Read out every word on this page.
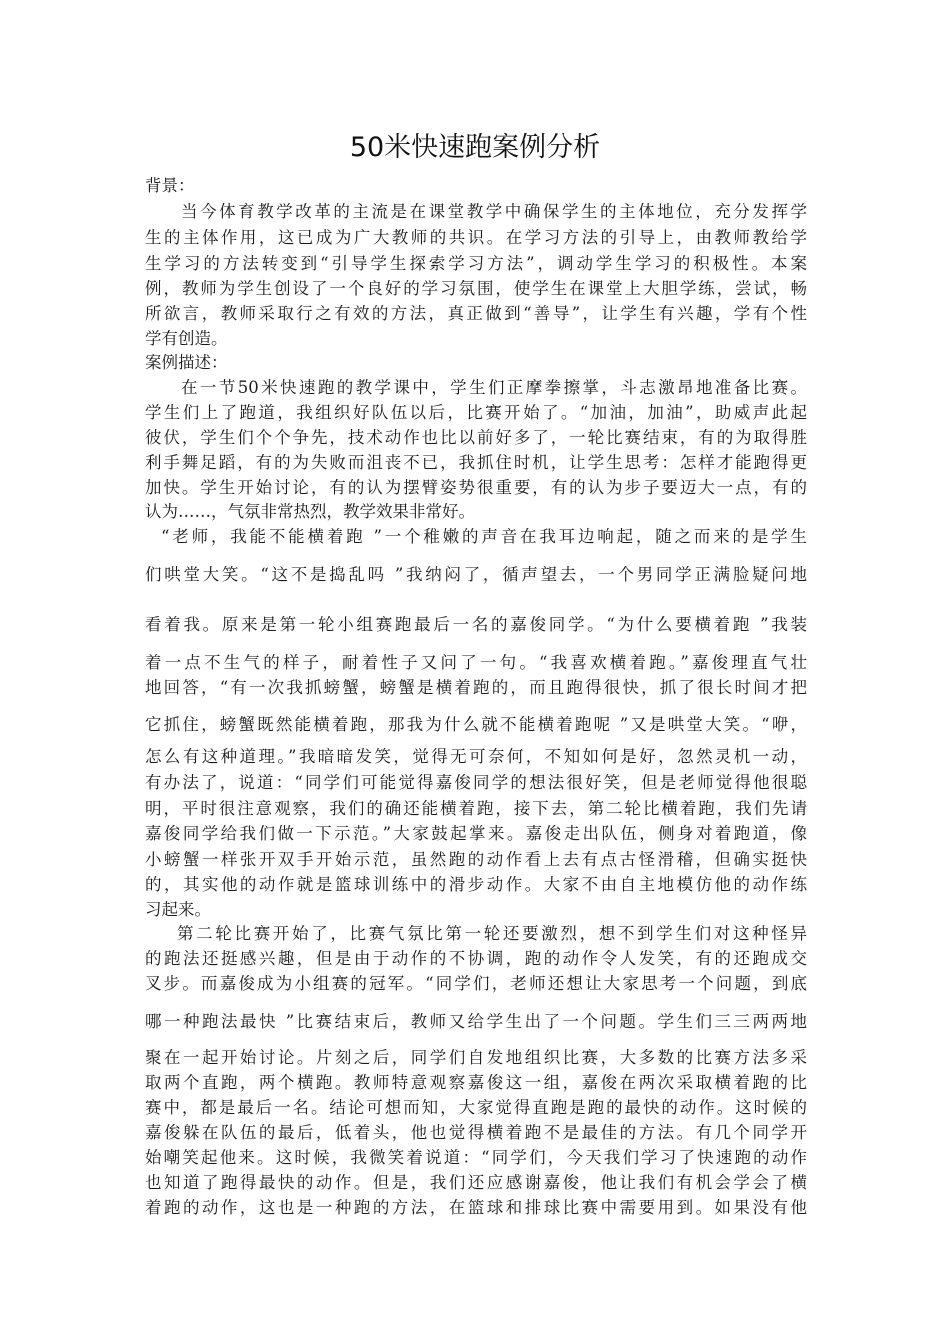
50米快速跑案例分析
背景：
当今体育教学改革的主流是在课堂教学中确保学生的主体地位，充分发挥学
生的主体作用，这已成为广大教师的共识。在学习方法的引导上，由教师教给学
生学习的方法转变到“引导学生探索学习方法”，调动学生学习的积极性。本案
例，教师为学生创设了一个良好的学习氛围，使学生在课堂上大胆学练，尝试，畅
所欲言，教师采取行之有效的方法，真正做到“善导”，让学生有兴趣，学有个性
学有创造。
案例描述：
在一节50米快速跑的教学课中，学生们正摩拳擦掌，斗志激昂地准备比赛。
学生们上了跑道，我组织好队伍以后，比赛开始了。“加油，加油”，助威声此起
彼伏，学生们个个争先，技术动作也比以前好多了，一轮比赛结束，有的为取得胜
利手舞足蹈，有的为失败而沮丧不已，我抓住时机，让学生思考：怎样才能跑得更
加快。学生开始讨论，有的认为摆臂姿势很重要，有的认为步子要迈大一点，有的
认为……，气氛非常热烈，教学效果非常好。
“老师，我能不能横着跑 ”一个稚嫩的声音在我耳边响起，随之而来的是学生
们哄堂大笑。“这不是捣乱吗 ”我纳闷了，循声望去，一个男同学正满脸疑问地
看着我。原来是第一轮小组赛跑最后一名的嘉俊同学。“为什么要横着跑 ”我装
着一点不生气的样子，耐着性子又问了一句。“我喜欢横着跑。”嘉俊理直气壮
地回答，“有一次我抓螃蟹，螃蟹是横着跑的，而且跑得很快，抓了很长时间才把
它抓住，螃蟹既然能横着跑，那我为什么就不能横着跑呢 ”又是哄堂大笑。“咿，
怎么有这种道理。”我暗暗发笑，觉得无可奈何，不知如何是好，忽然灵机一动，
有办法了，说道：“同学们可能觉得嘉俊同学的想法很好笑，但是老师觉得他很聪
明，平时很注意观察，我们的确还能横着跑，接下去，第二轮比横着跑，我们先请
嘉俊同学给我们做一下示范。”大家鼓起掌来。嘉俊走出队伍，侧身对着跑道，像
小螃蟹一样张开双手开始示范，虽然跑的动作看上去有点古怪滑稽，但确实挺快
的，其实他的动作就是篮球训练中的滑步动作。大家不由自主地模仿他的动作练
习起来。
第二轮比赛开始了，比赛气氛比第一轮还要激烈，想不到学生们对这种怪异
的跑法还挺感兴趣，但是由于动作的不协调，跑的动作令人发笑，有的还跑成交
叉步。而嘉俊成为小组赛的冠军。“同学们，老师还想让大家思考一个问题，到底
哪一种跑法最快 ”比赛结束后，教师又给学生出了一个问题。学生们三三两两地
聚在一起开始讨论。片刻之后，同学们自发地组织比赛，大多数的比赛方法多采
取两个直跑，两个横跑。教师特意观察嘉俊这一组，嘉俊在两次采取横着跑的比
赛中，都是最后一名。结论可想而知，大家觉得直跑是跑的最快的动作。这时候的
嘉俊躲在队伍的最后，低着头，他也觉得横着跑不是最佳的方法。有几个同学开
始嘲笑起他来。这时候，我微笑着说道：“同学们，今天我们学习了快速跑的动作
也知道了跑得最快的动作。但是，我们还应感谢嘉俊，他让我们有机会学会了横
着跑的动作，这也是一种跑的方法，在篮球和排球比赛中需要用到。如果没有他
